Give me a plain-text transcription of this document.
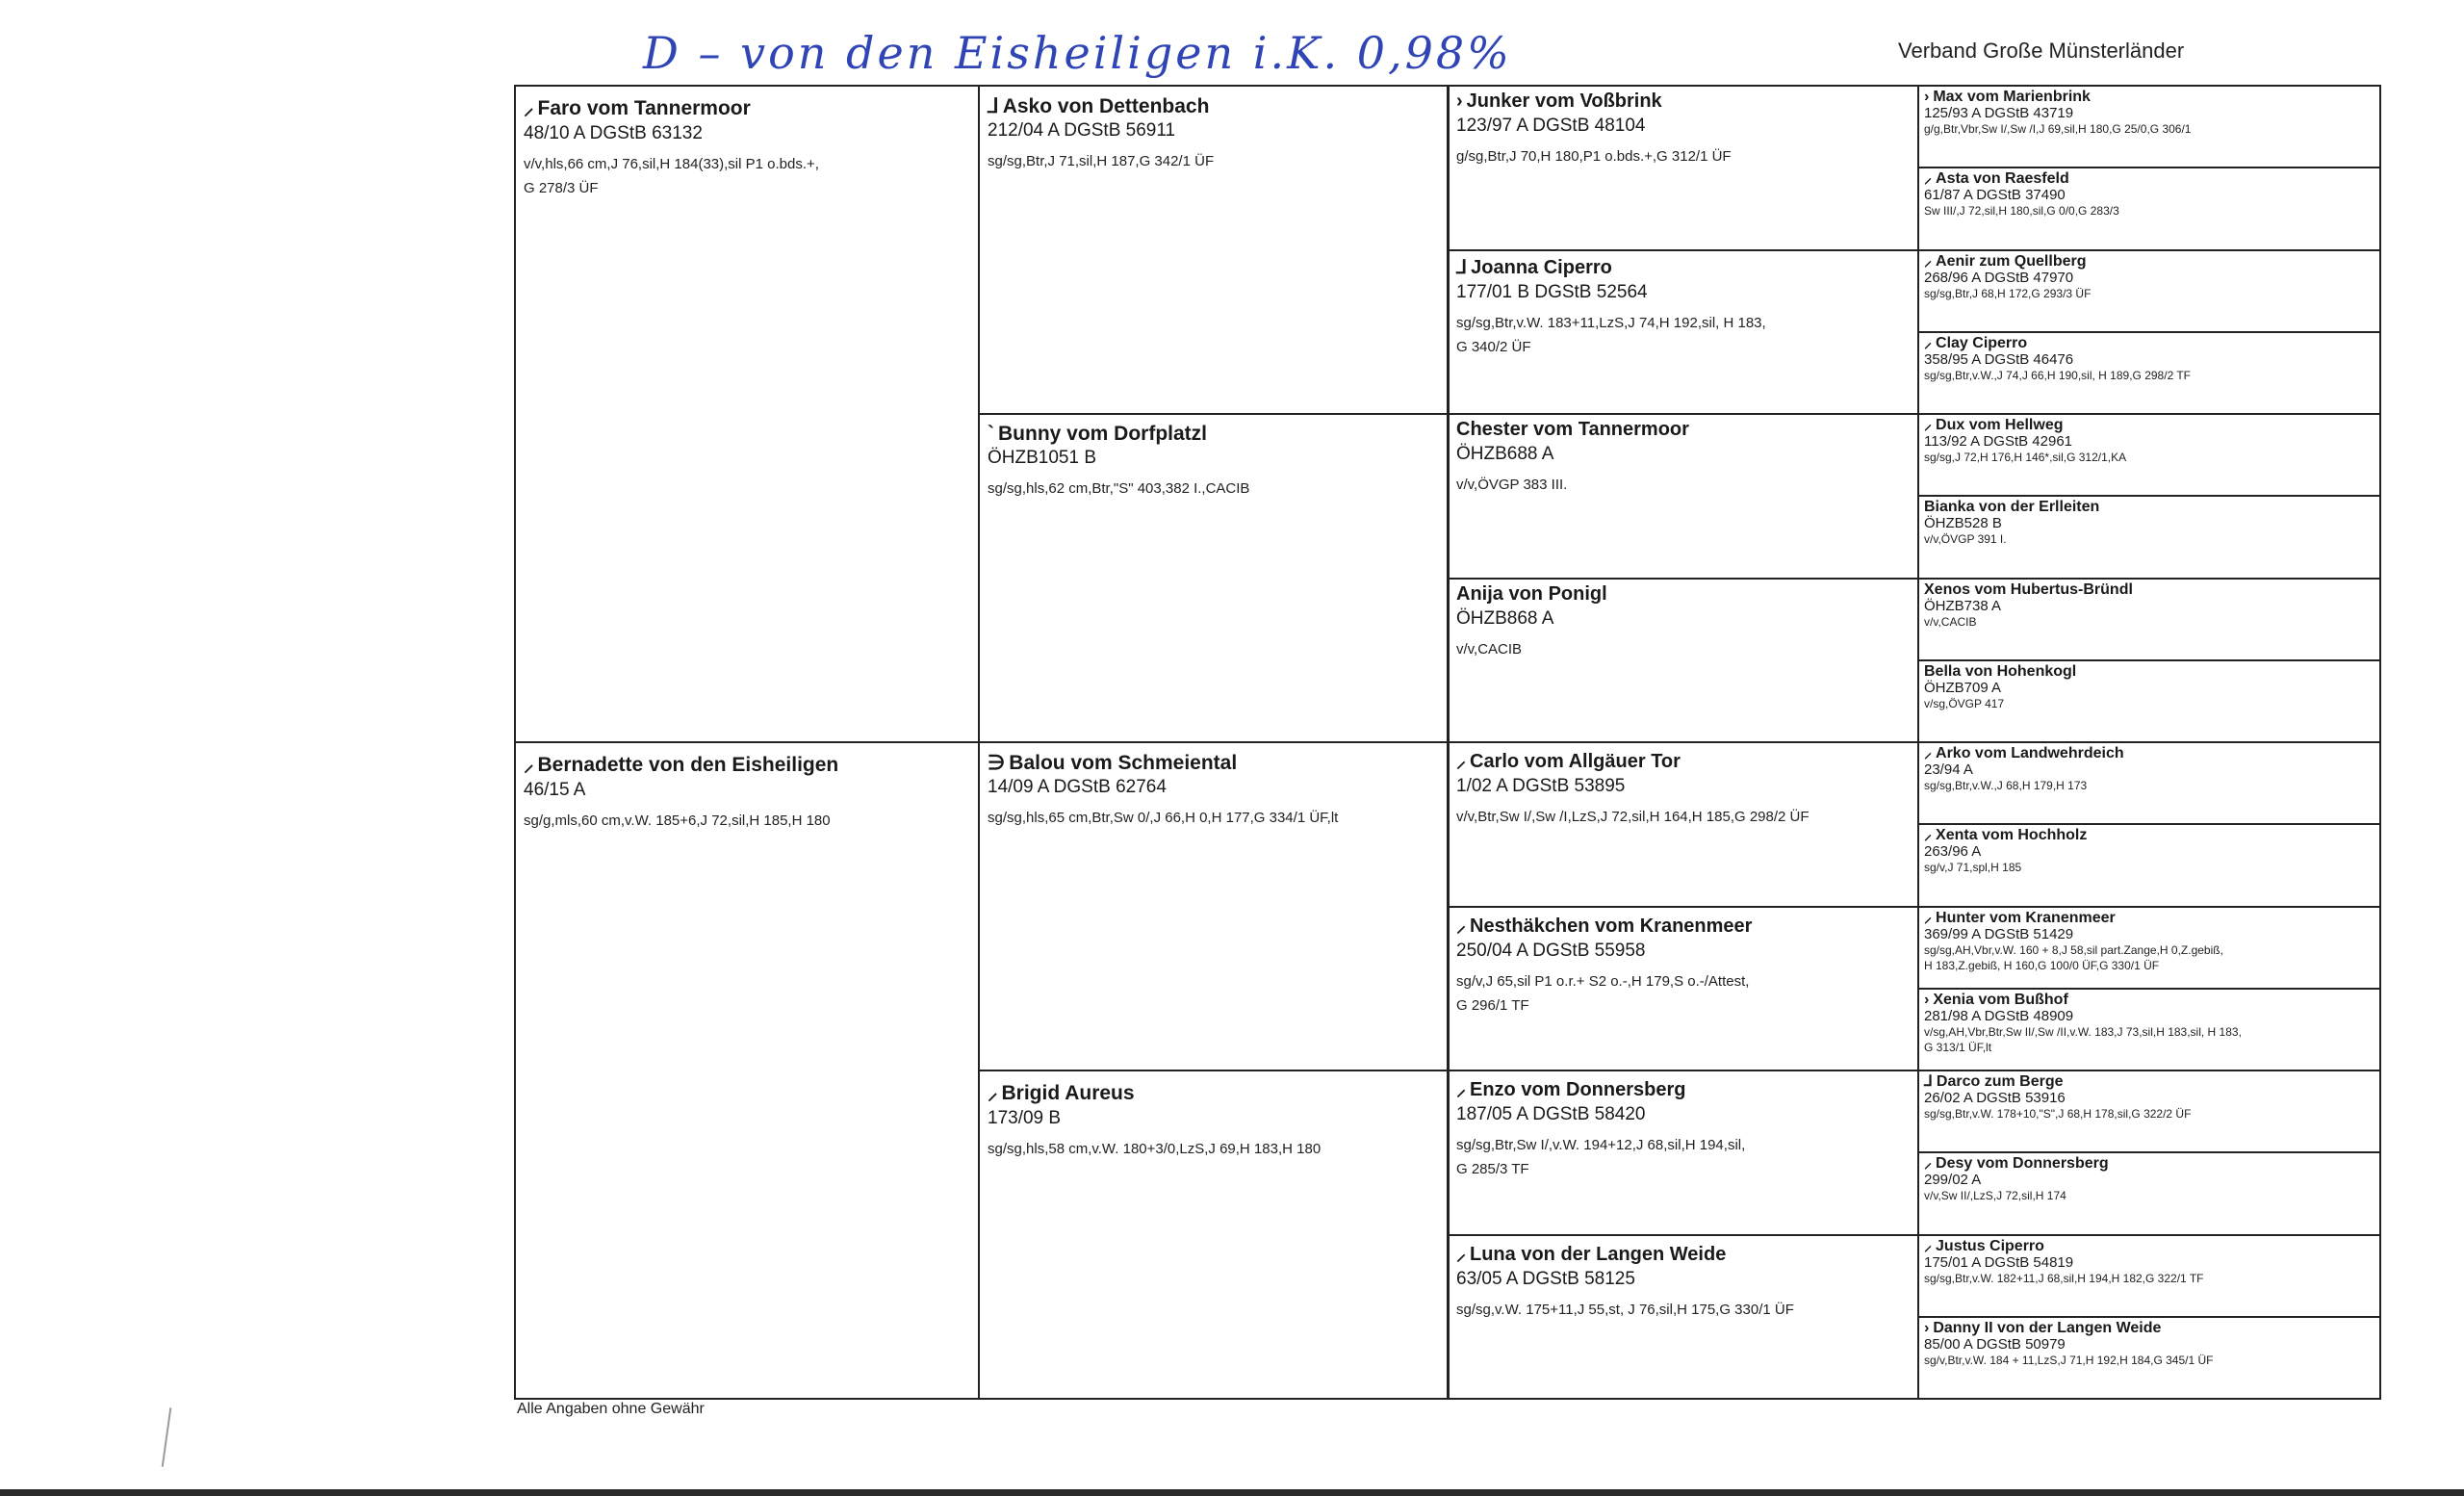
D – von den Eisheiligen i.K. 0,98%	Verband Große Münsterländer
⸝ Faro vom Tannermoor
48/10 A DGStB 63132
v/v,hls,66 cm,J 76,sil,H 184(33),sil P1 o.bds.+,
G 278/3 ÜF
⸝ Bernadette von den Eisheiligen
46/15 A
sg/g,mls,60 cm,v.W. 185+6,J 72,sil,H 185,H 180
⅃ Asko von Dettenbach
212/04 A DGStB 56911
sg/sg,Btr,J 71,sil,H 187,G 342/1 ÜF
` Bunny vom Dorfplatzl
ÖHZB1051 B
sg/sg,hls,62 cm,Btr,"S" 403,382 I.,CACIB
∋ Balou vom Schmeiental
14/09 A DGStB 62764
sg/sg,hls,65 cm,Btr,Sw 0/,J 66,H 0,H 177,G 334/1 ÜF,lt
⸝ Brigid Aureus
173/09 B
sg/sg,hls,58 cm,v.W. 180+3/0,LzS,J 69,H 183,H 180
› Junker vom Voßbrink
123/97 A DGStB 48104
g/sg,Btr,J 70,H 180,P1 o.bds.+,G 312/1 ÜF
⅃ Joanna Ciperro
177/01 B DGStB 52564
sg/sg,Btr,v.W. 183+11,LzS,J 74,H 192,sil, H 183,
G 340/2 ÜF
Chester vom Tannermoor
ÖHZB688 A
v/v,ÖVGP 383 III.
Anija von Ponigl
ÖHZB868 A
v/v,CACIB
⸝ Carlo vom Allgäuer Tor
1/02 A DGStB 53895
v/v,Btr,Sw I/,Sw /I,LzS,J 72,sil,H 164,H 185,G 298/2 ÜF
⸝ Nesthäkchen vom Kranenmeer
250/04 A DGStB 55958
sg/v,J 65,sil P1 o.r.+ S2 o.-,H 179,S o.-/Attest,
G 296/1 TF
⸝ Enzo vom Donnersberg
187/05 A DGStB 58420
sg/sg,Btr,Sw I/,v.W. 194+12,J 68,sil,H 194,sil,
G 285/3 TF
⸝ Luna von der Langen Weide
63/05 A DGStB 58125
sg/sg,v.W. 175+11,J 55,st, J 76,sil,H 175,G 330/1 ÜF
› Max vom Marienbrink
125/93 A DGStB 43719
g/g,Btr,Vbr,Sw I/,Sw /I,J 69,sil,H 180,G 25/0,G 306/1
⸝ Asta von Raesfeld
61/87 A DGStB 37490
Sw III/,J 72,sil,H 180,sil,G 0/0,G 283/3
⸝ Aenir zum Quellberg
268/96 A DGStB 47970
sg/sg,Btr,J 68,H 172,G 293/3 ÜF
⸝ Clay Ciperro
358/95 A DGStB 46476
sg/sg,Btr,v.W.,J 74,J 66,H 190,sil, H 189,G 298/2 TF
⸝ Dux vom Hellweg
113/92 A DGStB 42961
sg/sg,J 72,H 176,H 146*,sil,G 312/1,KA
Bianka von der Erlleiten
ÖHZB528 B
v/v,ÖVGP 391 I.
Xenos vom Hubertus-Bründl
ÖHZB738 A
v/v,CACIB
Bella von Hohenkogl
ÖHZB709 A
v/sg,ÖVGP 417
⸝ Arko vom Landwehrdeich
23/94 A
sg/sg,Btr,v.W.,J 68,H 179,H 173
⸝ Xenta vom Hochholz
263/96 A
sg/v,J 71,spl,H 185
⸝ Hunter vom Kranenmeer
369/99 A DGStB 51429
sg/sg,AH,Vbr,v.W. 160 + 8,J 58,sil part.Zange,H 0,Z.gebiß,
H 183,Z.gebiß, H 160,G 100/0 ÜF,G 330/1 ÜF
› Xenia vom Bußhof
281/98 A DGStB 48909
v/sg,AH,Vbr,Btr,Sw II/,Sw /II,v.W. 183,J 73,sil,H 183,sil, H 183,
G 313/1 ÜF,lt
⅃ Darco zum Berge
26/02 A DGStB 53916
sg/sg,Btr,v.W. 178+10,"S",J 68,H 178,sil,G 322/2 ÜF
⸝ Desy vom Donnersberg
299/02 A
v/v,Sw II/,LzS,J 72,sil,H 174
⸝ Justus Ciperro
175/01 A DGStB 54819
sg/sg,Btr,v.W. 182+11,J 68,sil,H 194,H 182,G 322/1 TF
› Danny II von der Langen Weide
85/00 A DGStB 50979
sg/v,Btr,v.W. 184 + 11,LzS,J 71,H 192,H 184,G 345/1 ÜF
Alle Angaben ohne Gewähr
